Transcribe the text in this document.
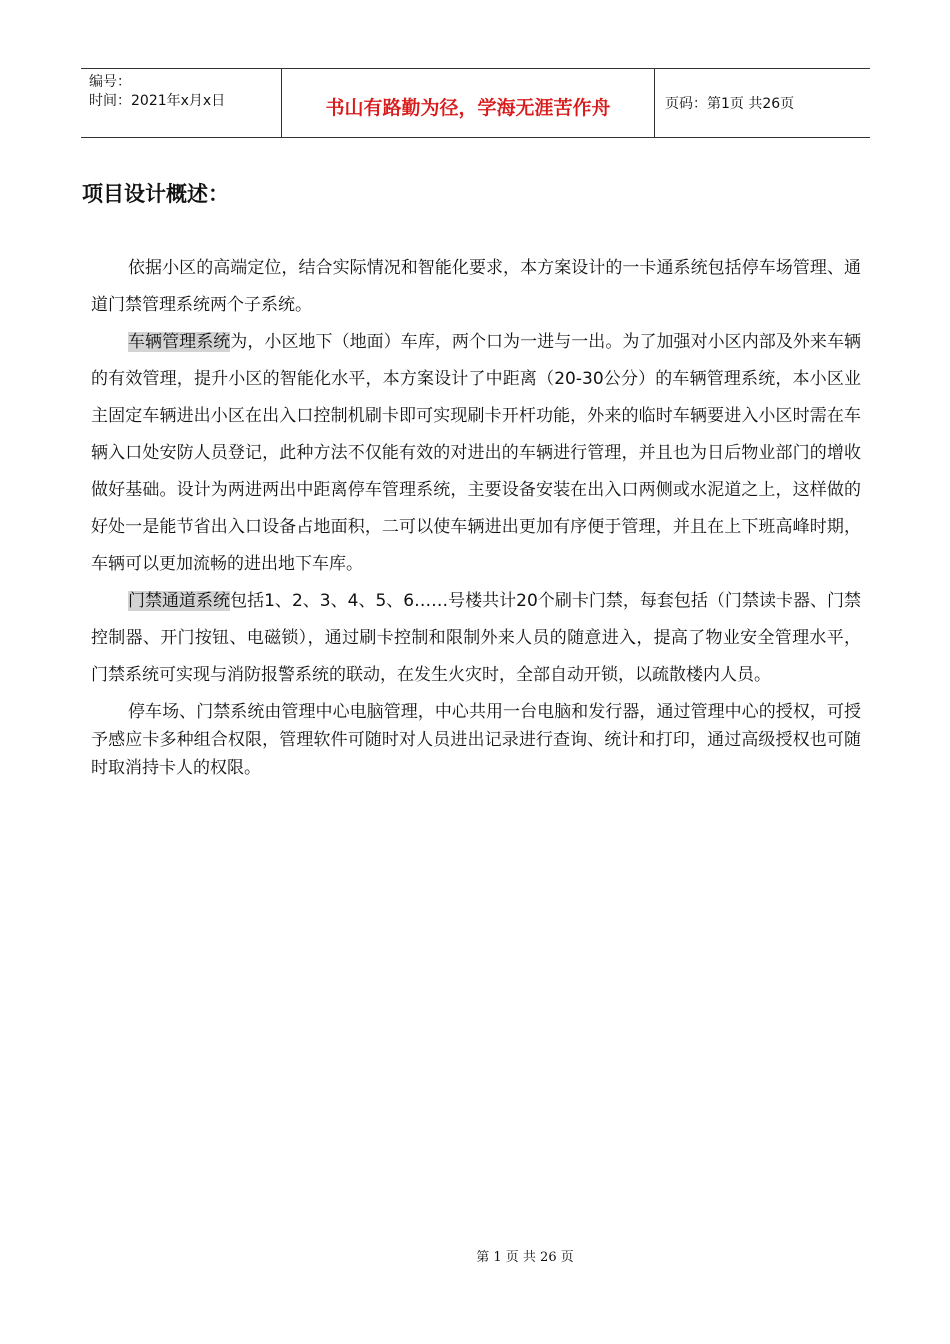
编号：
时间：2021年x月x日	书山有路勤为径，学海无涯苦作舟	页码：第1页 共26页
项目设计概述：

依据小区的高端定位，结合实际情况和智能化要求，本方案设计的一卡通系统包括停车场管理、通道门禁管理系统两个子系统。

车辆管理系统为，小区地下（地面）车库，两个口为一进与一出。为了加强对小区内部及外来车辆的有效管理，提升小区的智能化水平，本方案设计了中距离（20-30公分）的车辆管理系统，本小区业主固定车辆进出小区在出入口控制机刷卡即可实现刷卡开杆功能，外来的临时车辆要进入小区时需在车辆入口处安防人员登记，此种方法不仅能有效的对进出的车辆进行管理，并且也为日后物业部门的增收做好基础。设计为两进两出中距离停车管理系统，主要设备安装在出入口两侧或水泥道之上，这样做的好处一是能节省出入口设备占地面积，二可以使车辆进出更加有序便于管理，并且在上下班高峰时期，车辆可以更加流畅的进出地下车库。

门禁通道系统包括1、2、3、4、5、6……号楼共计20个刷卡门禁，每套包括（门禁读卡器、门禁控制器、开门按钮、电磁锁），通过刷卡控制和限制外来人员的随意进入，提高了物业安全管理水平，门禁系统可实现与消防报警系统的联动，在发生火灾时，全部自动开锁，以疏散楼内人员。

停车场、门禁系统由管理中心电脑管理，中心共用一台电脑和发行器，通过管理中心的授权，可授予感应卡多种组合权限，管理软件可随时对人员进出记录进行查询、统计和打印，通过高级授权也可随时取消持卡人的权限。

第 1 页 共 26 页
